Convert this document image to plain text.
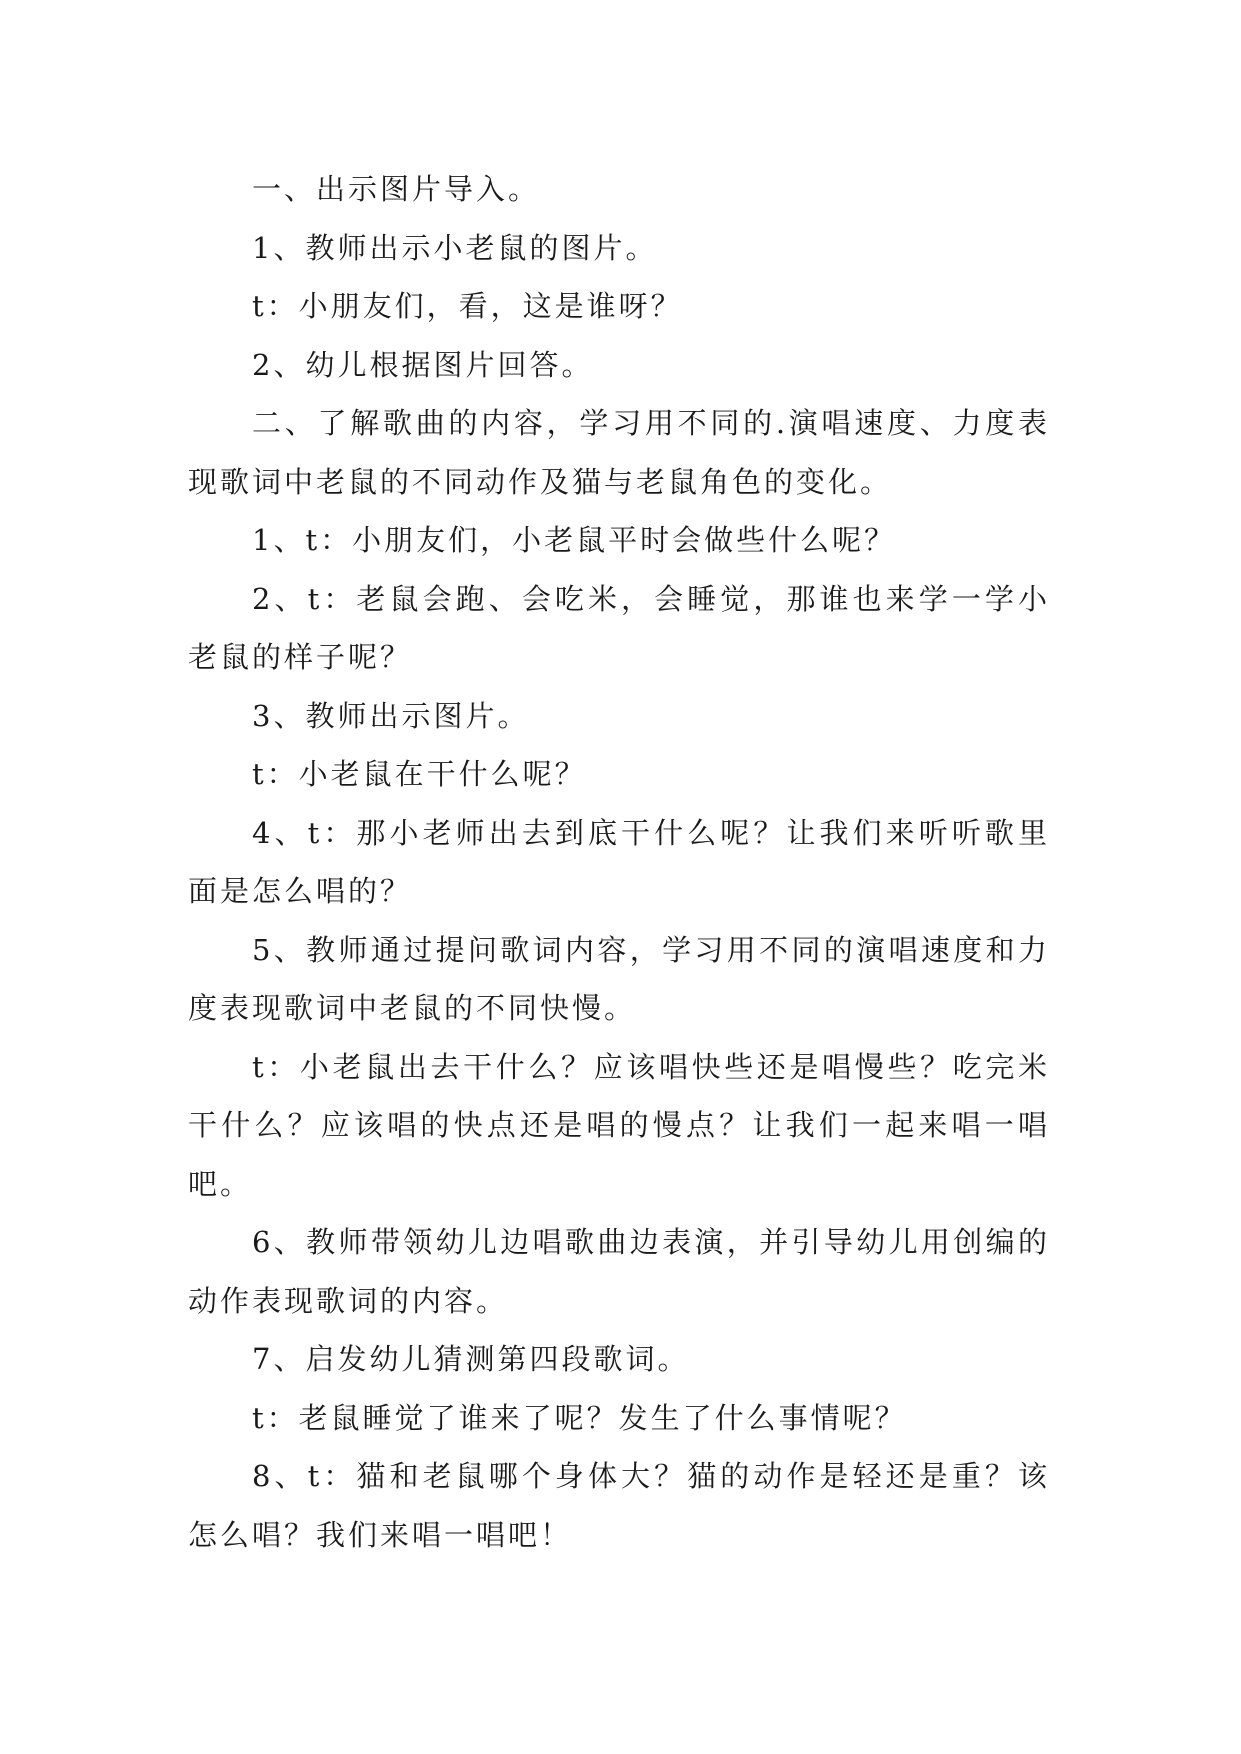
一、出示图片导入。

1、教师出示小老鼠的图片。

t：小朋友们，看，这是谁呀？

2、幼儿根据图片回答。

二、了解歌曲的内容，学习用不同的.演唱速度、力度表现歌词中老鼠的不同动作及猫与老鼠角色的变化。

1、t：小朋友们，小老鼠平时会做些什么呢？

2、t：老鼠会跑、会吃米，会睡觉，那谁也来学一学小老鼠的样子呢？

3、教师出示图片。

t：小老鼠在干什么呢？

4、t：那小老师出去到底干什么呢？让我们来听听歌里面是怎么唱的？

5、教师通过提问歌词内容，学习用不同的演唱速度和力度表现歌词中老鼠的不同快慢。

t：小老鼠出去干什么？应该唱快些还是唱慢些？吃完米干什么？应该唱的快点还是唱的慢点？让我们一起来唱一唱吧。

6、教师带领幼儿边唱歌曲边表演，并引导幼儿用创编的动作表现歌词的内容。

7、启发幼儿猜测第四段歌词。

t：老鼠睡觉了谁来了呢？发生了什么事情呢？

8、t：猫和老鼠哪个身体大？猫的动作是轻还是重？该怎么唱？我们来唱一唱吧！
